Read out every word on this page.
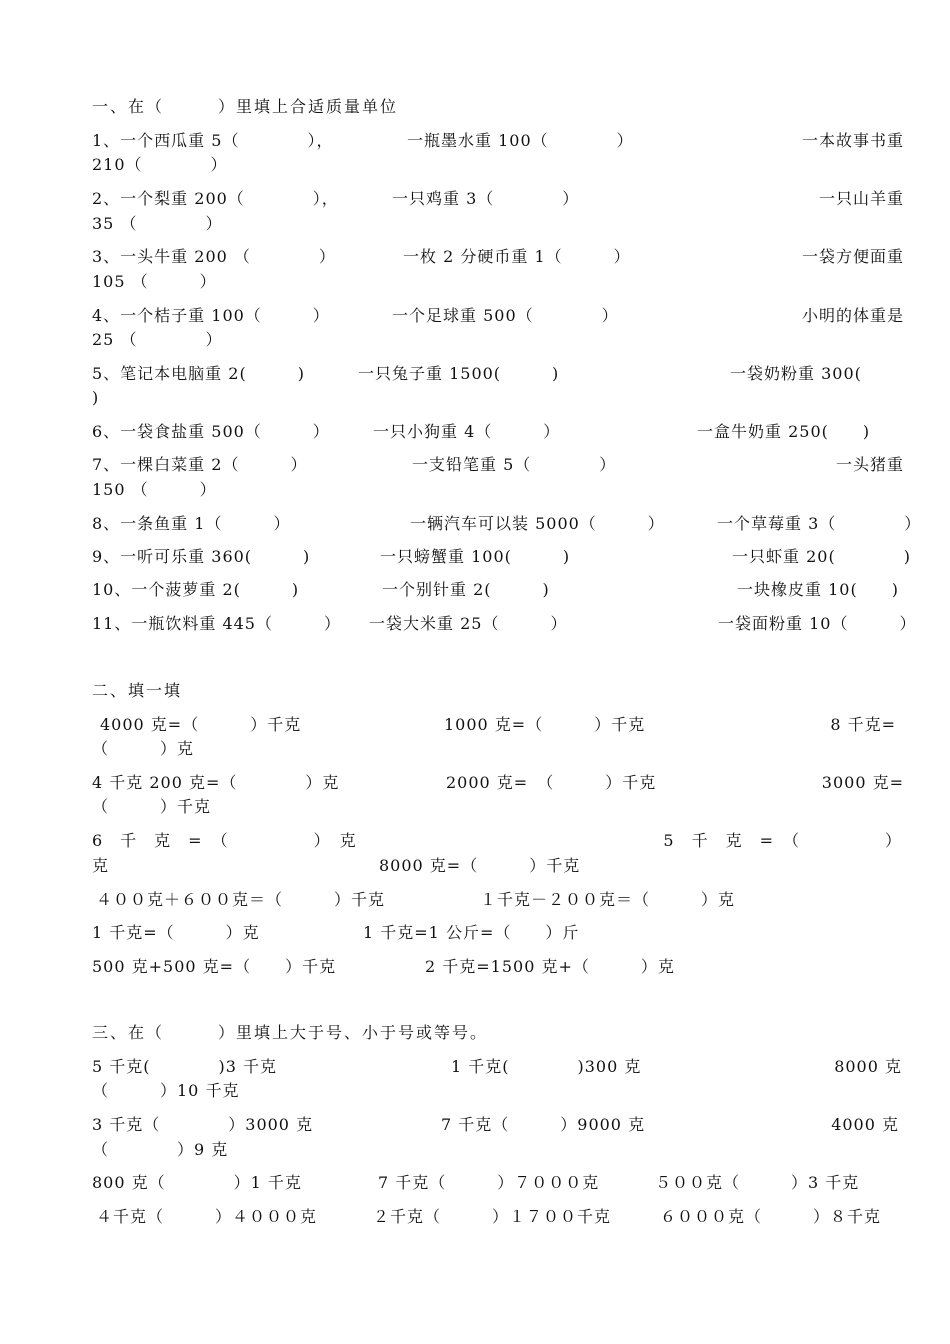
一、在（　　　）里填上合适质量单位
1、一个西瓜重 5（　　　　），	一瓶墨水重 100（　　　　）	一本故事书重
210（　　　　）
2、一个梨重 200（　　　　），	一只鸡重 3（　　　　）	一只山羊重
35 （　　　　）
3、一头牛重 200 （　　　　）	一枚 2 分硬币重 1（　　　）	一袋方便面重
105 （　　　）
4、一个桔子重 100（　　　）	一个足球重 500（　　　　）	小明的体重是
25 （　　　　）
5、笔记本电脑重 2(　　　)	一只兔子重 1500(　　　)	一袋奶粉重 300(
)
6、一袋食盐重 500（　　　）	一只小狗重 4（　　　）	一盒牛奶重 250(　　)
7、一棵白菜重 2（　　　）	一支铅笔重 5（　　　　）	一头猪重
150 （　　　）
8、一条鱼重 1（　　　）	一辆汽车可以装 5000（　　　）	一个草莓重 3（　　　　）
9、一听可乐重 360(　　　)	一只螃蟹重 100(　　　)	一只虾重 20(　　　　)
10、一个菠萝重 2(　　　)	一个别针重 2(　　　)	一块橡皮重 10(　　)
11、一瓶饮料重 445（　　　） 一袋大米重 25（　　　）	一袋面粉重 10（　　　）
二、填一填
4000 克=（　　　）千克	1000 克=（　　　）千克	8 千克=
（　　　）克
4 千克 200 克=（　　　　）克	2000 克=　（　　　）千克	3000 克=
（　　　）千克
6　千　克　=　（　　　　　）　克	5　千　克　=　（　　　　　）
克	8000 克=（　　　）千克
４００克＋６００克＝（　　　）千克	１千克－２００克＝（　　　）克
1 千克=（　　　）克	1 千克=1 公斤=（　　）斤
500 克+500 克=（　　）千克	2 千克=1500 克+（　　　）克
三、在（　　　）里填上大于号、小于号或等号。
5 千克(　　　　)3 千克	1 千克(　　　　)300 克	8000 克
（　　　）10 千克
3 千克（　　　　）3000 克	7 千克（　　　）9000 克	4000 克
（　　　　）9 克
800 克（　　　　）1 千克	7 千克（　　　）７０００克	５００克（　　　）3 千克
４千克（　　　）４０００克	２千克（　　　）１７００千克	６０００克（　　　）８千克
